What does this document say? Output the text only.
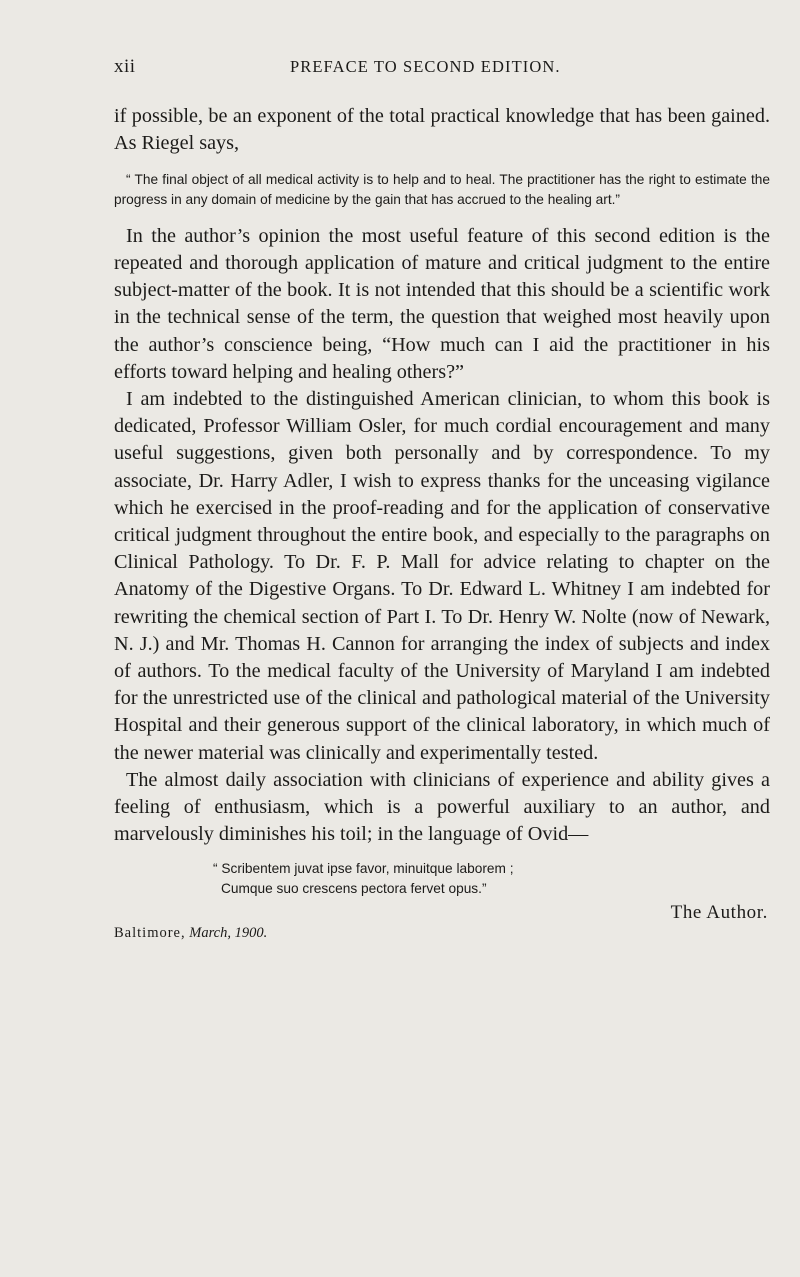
xii	PREFACE TO SECOND EDITION.

if possible, be an exponent of the total practical knowledge that has been gained. As Riegel says,

“ The final object of all medical activity is to help and to heal. The practitioner has the right to estimate the progress in any domain of medicine by the gain that has accrued to the healing art.”

In the author’s opinion the most useful feature of this second edition is the repeated and thorough application of mature and critical judgment to the entire subject-matter of the book. It is not intended that this should be a scientific work in the technical sense of the term, the question that weighed most heavily upon the author’s conscience being, “How much can I aid the practitioner in his efforts toward helping and healing others?”

I am indebted to the distinguished American clinician, to whom this book is dedicated, Professor William Osler, for much cordial encouragement and many useful suggestions, given both personally and by correspondence. To my associate, Dr. Harry Adler, I wish to express thanks for the unceasing vigilance which he exercised in the proof-reading and for the application of conservative critical judgment throughout the entire book, and especially to the paragraphs on Clinical Pathology. To Dr. F. P. Mall for advice relating to chapter on the Anatomy of the Digestive Organs. To Dr. Edward L. Whitney I am indebted for rewriting the chemical section of Part I. To Dr. Henry W. Nolte (now of Newark, N. J.) and Mr. Thomas H. Cannon for arranging the index of subjects and index of authors. To the medical faculty of the University of Maryland I am indebted for the unrestricted use of the clinical and pathological material of the University Hospital and their generous support of the clinical laboratory, in which much of the newer material was clinically and experimentally tested.

The almost daily association with clinicians of experience and ability gives a feeling of enthusiasm, which is a powerful auxiliary to an author, and marvelously diminishes his toil; in the language of Ovid—

“ Scribentem juvat ipse favor, minuitque laborem ;
Cumque suo crescens pectora fervet opus.”
The Author.
Baltimore, March, 1900.
